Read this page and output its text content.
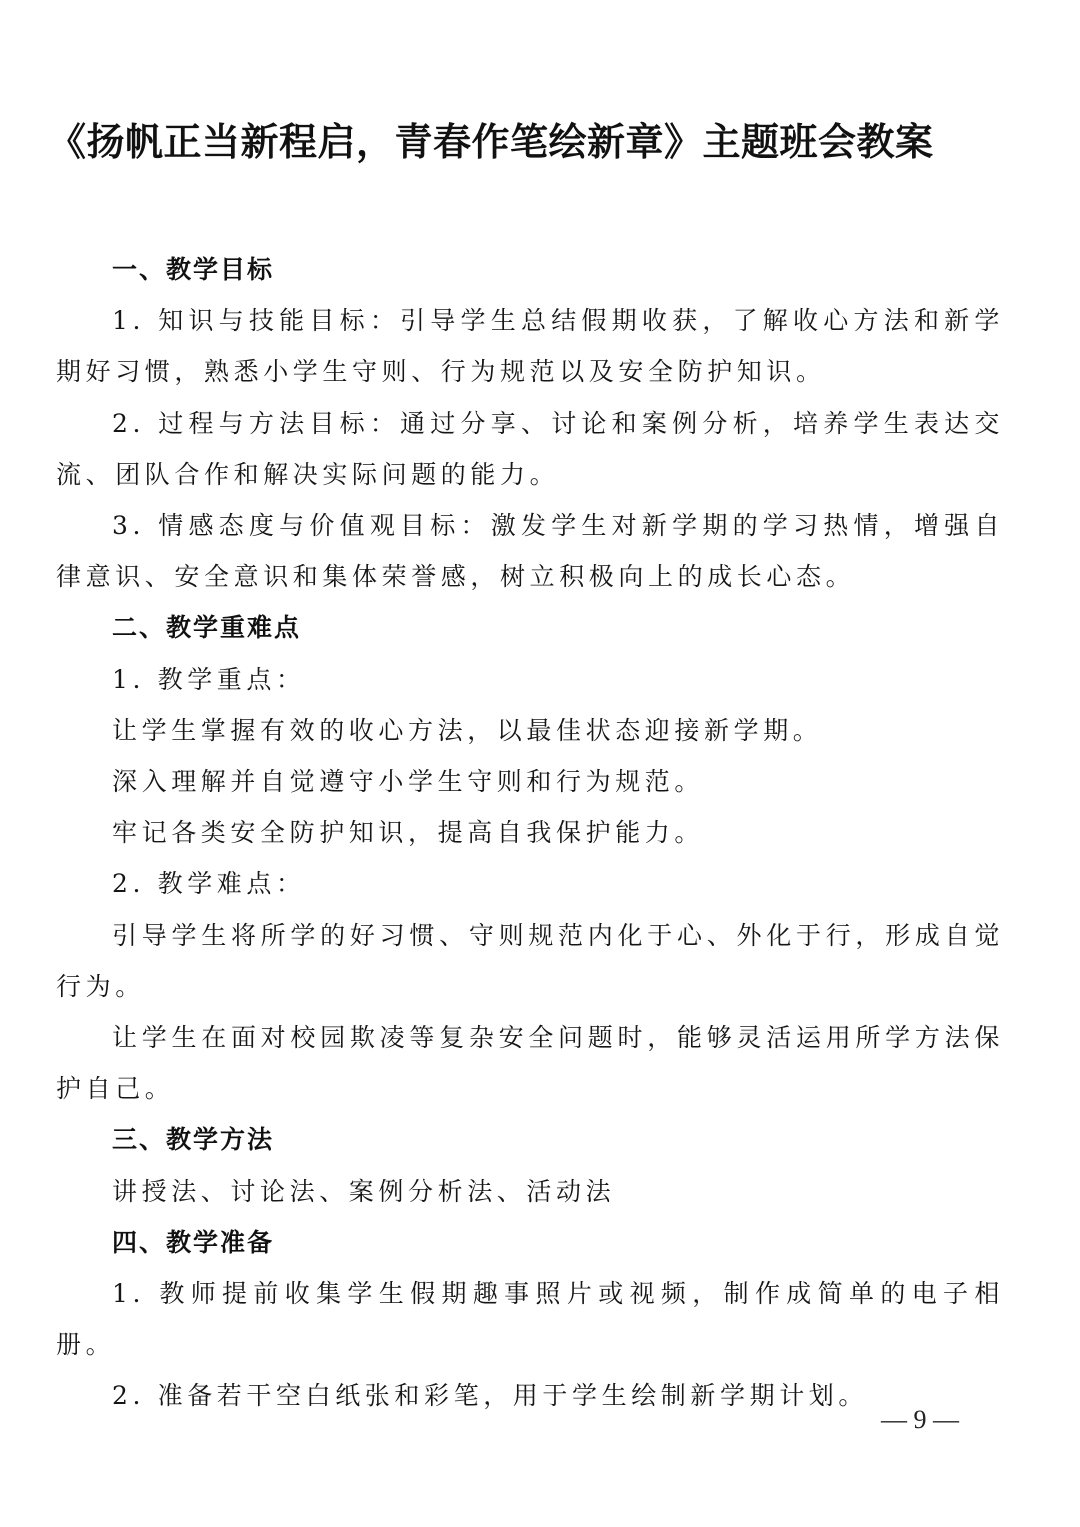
《扬帆正当新程启，青春作笔绘新章》主题班会教案

一、教学目标

1. 知识与技能目标：引导学生总结假期收获，了解收心方法和新学期好习惯，熟悉小学生守则、行为规范以及安全防护知识。

2. 过程与方法目标：通过分享、讨论和案例分析，培养学生表达交流、团队合作和解决实际问题的能力。

3. 情感态度与价值观目标：激发学生对新学期的学习热情，增强自律意识、安全意识和集体荣誉感，树立积极向上的成长心态。

二、教学重难点

1. 教学重点：

让学生掌握有效的收心方法，以最佳状态迎接新学期。

深入理解并自觉遵守小学生守则和行为规范。

牢记各类安全防护知识，提高自我保护能力。

2. 教学难点：

引导学生将所学的好习惯、守则规范内化于心、外化于行，形成自觉行为。

让学生在面对校园欺凌等复杂安全问题时，能够灵活运用所学方法保护自己。

三、教学方法

讲授法、讨论法、案例分析法、活动法

四、教学准备

1. 教师提前收集学生假期趣事照片或视频，制作成简单的电子相册。

2. 准备若干空白纸张和彩笔，用于学生绘制新学期计划。

— 9 —
